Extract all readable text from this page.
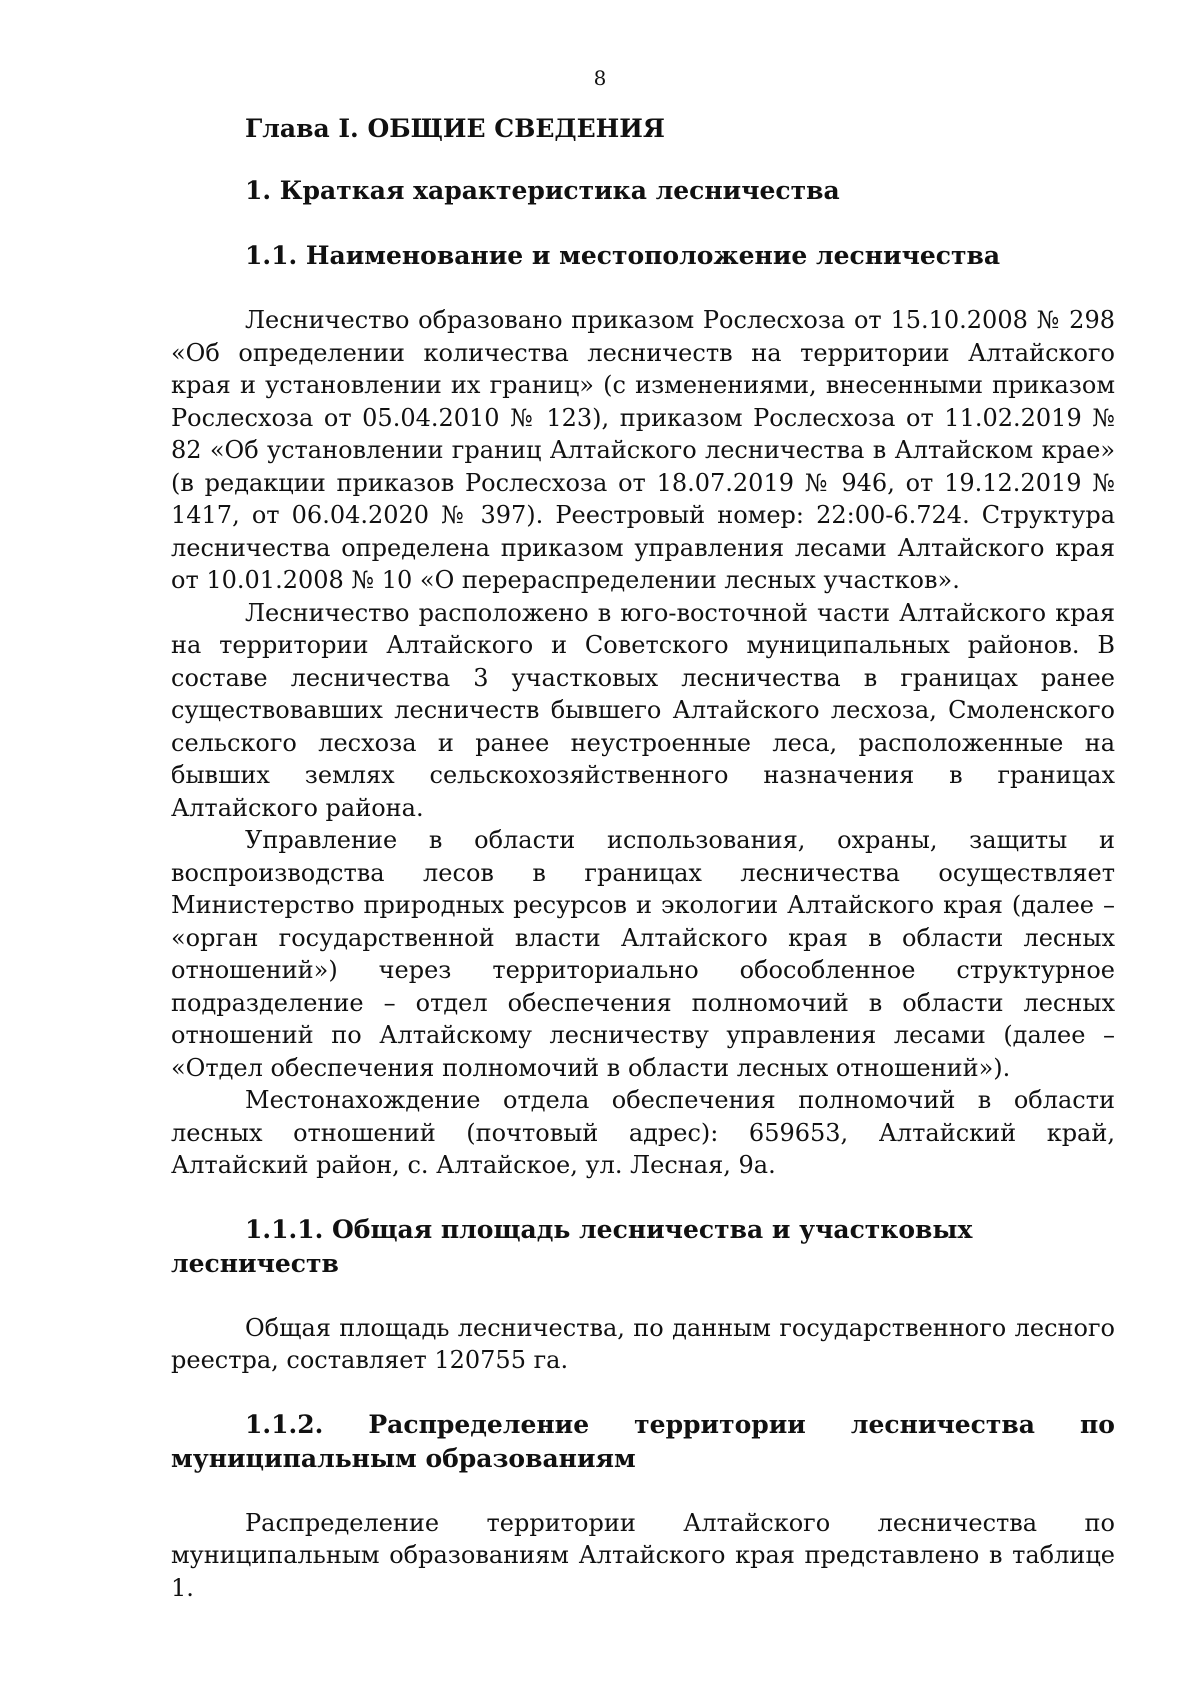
8

Глава I. ОБЩИЕ СВЕДЕНИЯ

1. Краткая характеристика лесничества

1.1. Наименование и местоположение лесничества

Лесничество образовано приказом Рослесхоза от 15.10.2008 № 298 «Об определении количества лесничеств на территории Алтайского края и установлении их границ» (с изменениями, внесенными приказом Рослесхоза от 05.04.2010 № 123), приказом Рослесхоза от 11.02.2019 № 82 «Об установлении границ Алтайского лесничества в Алтайском крае» (в редакции приказов Рослесхоза от 18.07.2019 № 946, от 19.12.2019 № 1417, от 06.04.2020 № 397). Реестровый номер: 22:00-6.724. Структура лесничества определена приказом управления лесами Алтайского края от 10.01.2008 № 10 «О перераспределении лесных участков».

Лесничество расположено в юго-восточной части Алтайского края на территории Алтайского и Советского муниципальных районов. В составе лесничества 3 участковых лесничества в границах ранее существовавших лесничеств бывшего Алтайского лесхоза, Смоленского сельского лесхоза и ранее неустроенные леса, расположенные на бывших землях сельскохозяйственного назначения в границах Алтайского района.

Управление в области использования, охраны, защиты и воспроизводства лесов в границах лесничества осуществляет Министерство природных ресурсов и экологии Алтайского края (далее – «орган государственной власти Алтайского края в области лесных отношений») через территориально обособленное структурное подразделение – отдел обеспечения полномочий в области лесных отношений по Алтайскому лесничеству управления лесами (далее – «Отдел обеспечения полномочий в области лесных отношений»).

Местонахождение отдела обеспечения полномочий в области лесных отношений (почтовый адрес): 659653, Алтайский край, Алтайский район, с. Алтайское, ул. Лесная, 9а.

1.1.1. Общая площадь лесничества и участковых лесничеств

Общая площадь лесничества, по данным государственного лесного реестра, составляет 120755 га.

1.1.2. Распределение территории лесничества по муниципальным образованиям

Распределение территории Алтайского лесничества по муниципальным образованиям Алтайского края представлено в таблице 1.
